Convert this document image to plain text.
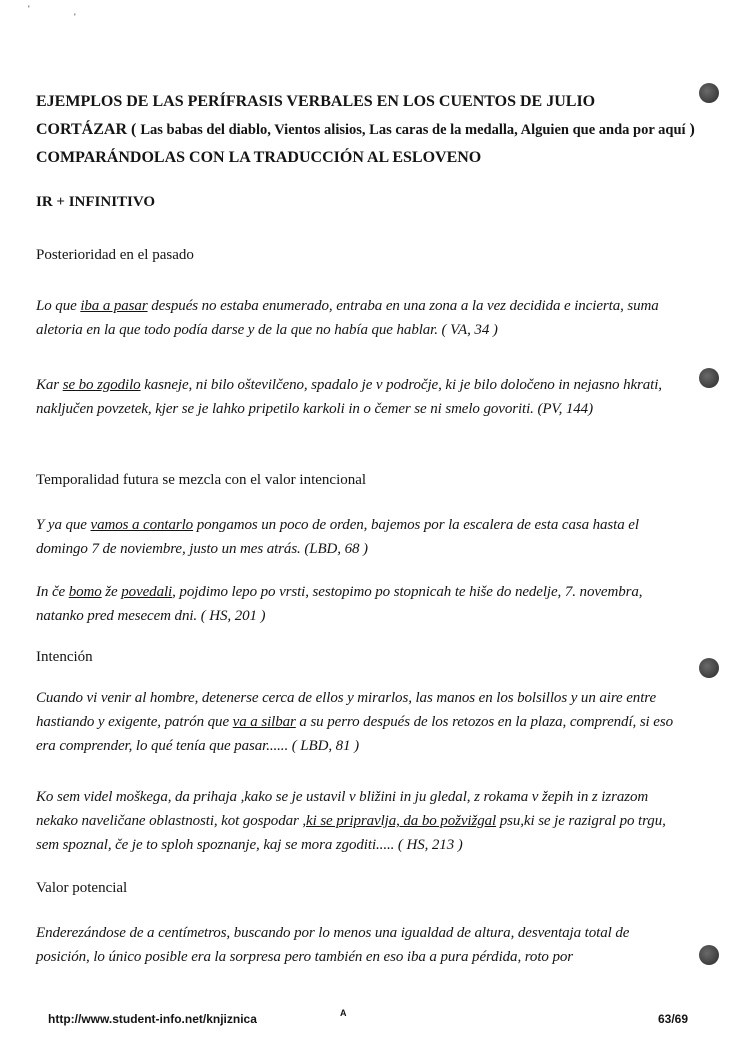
'
'

EJEMPLOS DE LAS PERÍFRASIS VERBALES EN LOS CUENTOS DE JULIO
CORTÁZAR ( Las babas del diablo, Vientos alisios, Las caras de la medalla, Alguien que anda por aquí ) COMPARÁNDOLAS CON LA TRADUCCIÓN AL ESLOVENO

IR + INFINITIVO

Posterioridad en el pasado

Lo que iba a pasar después no estaba enumerado, entraba en una zona a la vez decidida e incierta, suma aletoria en la que todo podía darse y de la que no había que hablar. ( VA, 34 )

Kar se bo zgodilo kasneje, ni bilo oštevilčeno, spadalo je v področje, ki je bilo določeno in nejasno hkrati, naključen povzetek, kjer se je lahko pripetilo karkoli in o čemer se ni smelo govoriti. (PV, 144)

Temporalidad futura se mezcla con el valor intencional

Y ya que vamos a contarlo pongamos un poco de orden, bajemos por la escalera de esta casa hasta el domingo 7 de noviembre, justo un mes atrás. (LBD, 68 )

In če bomo že povedali, pojdimo lepo po vrsti, sestopimo po stopnicah te hiše do nedelje, 7. novembra, natanko pred mesecem dni. ( HS, 201 )

Intención

Cuando vi venir al hombre, detenerse cerca de ellos y mirarlos, las manos en los bolsillos y un aire entre hastiando y exigente, patrón que va a silbar a su perro después de los retozos en la plaza, comprendí, si eso era comprender, lo qué tenía que pasar...... ( LBD, 81 )

Ko sem videl moškega, da prihaja ,kako se je ustavil v bližini in ju gledal, z rokama v žepih in z izrazom nekako naveličane oblastnosti, kot gospodar ,ki se pripravlja, da bo požvižgal psu,ki se je razigral po trgu, sem spoznal, če je to sploh spoznanje, kaj se mora zgoditi..... ( HS, 213 )

Valor potencial

Enderezándose de a centímetros, buscando por lo menos una igualdad de altura, desventaja total de posición, lo único posible era la sorpresa pero también en eso iba a pura pérdida, roto por

http://www.student-info.net/knjiznica	A	63/69
